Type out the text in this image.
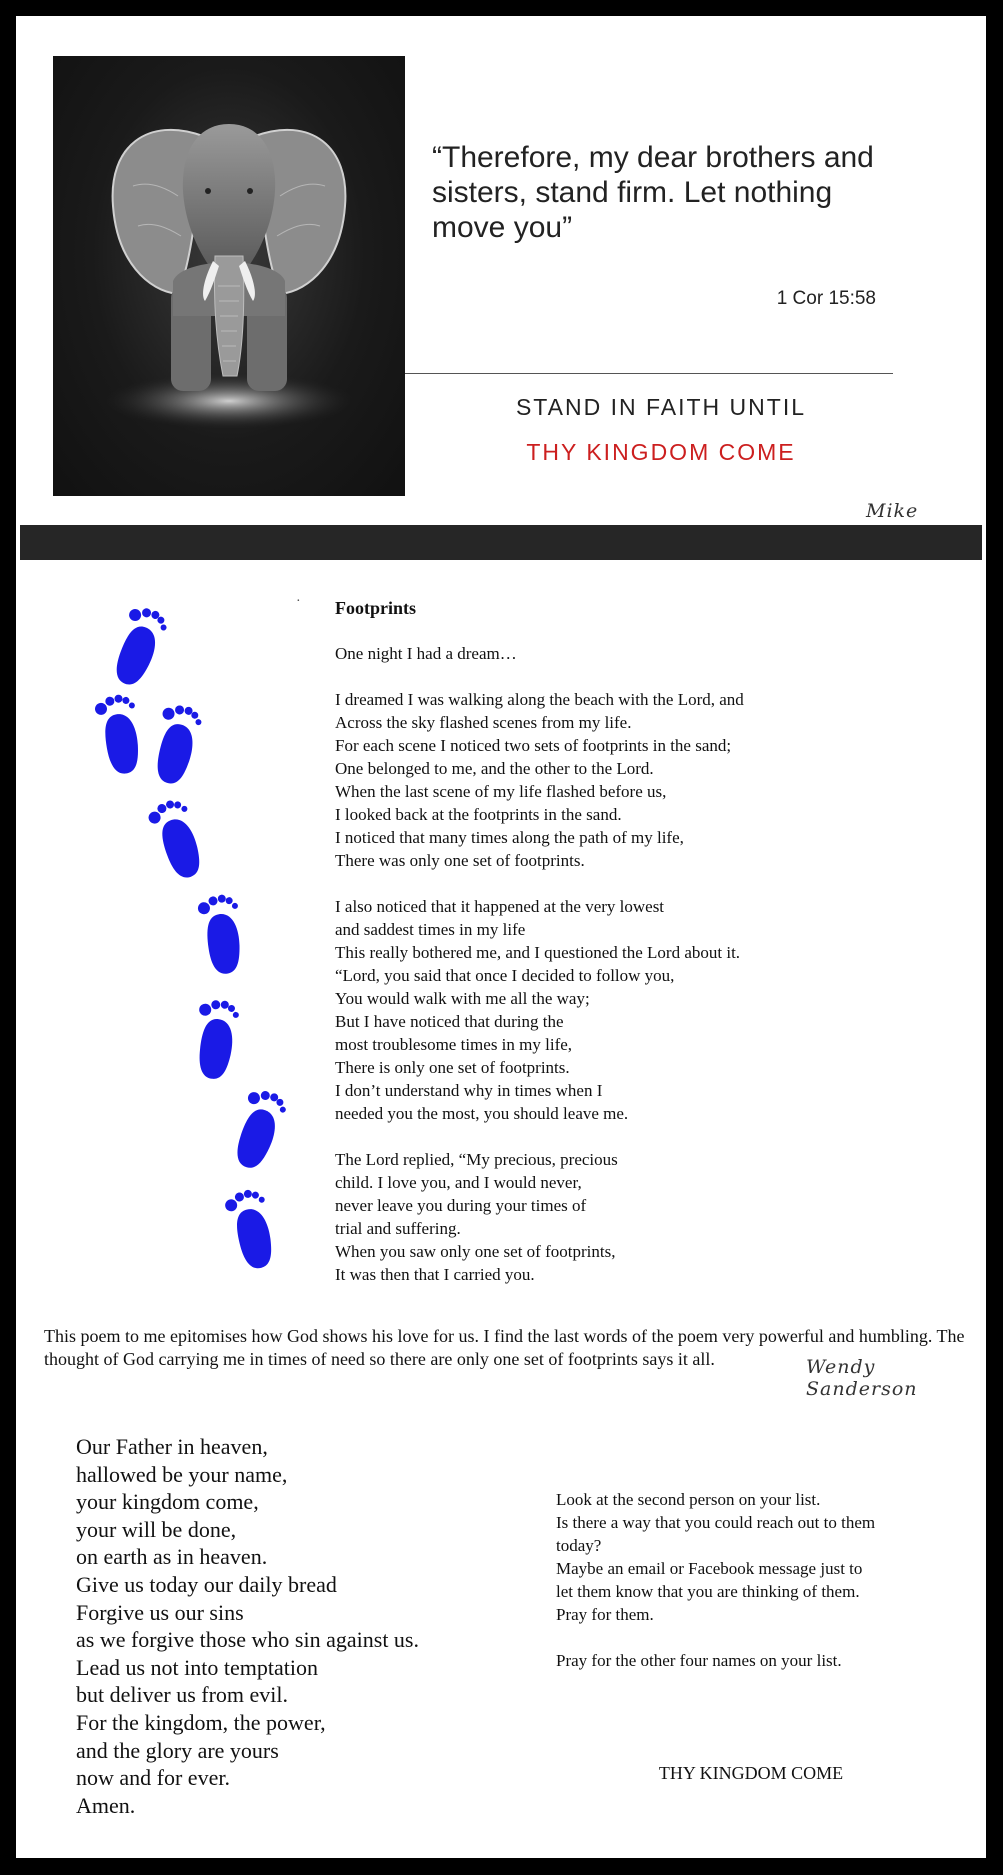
“Therefore, my dear brothers and sisters, stand firm. Let nothing move you”
1 Cor 15:58
STAND IN FAITH UNTIL
THY KINGDOM COME
Mike
· Footprints

One night I had a dream…

I dreamed I was walking along the beach with the Lord, and
Across the sky flashed scenes from my life.
For each scene I noticed two sets of footprints in the sand;
One belonged to me, and the other to the Lord.
When the last scene of my life flashed before us,
I looked back at the footprints in the sand.
I noticed that many times along the path of my life,
There was only one set of footprints.

I also noticed that it happened at the very lowest
and saddest times in my life
This really bothered me, and I questioned the Lord about it.
“Lord, you said that once I decided to follow you,
You would walk with me all the way;
But I have noticed that during the
most troublesome times in my life,
There is only one set of footprints.
I don’t understand why in times when I
needed you the most, you should leave me.

The Lord replied, “My precious, precious
child. I love you, and I would never,
never leave you during your times of
trial and suffering.
When you saw only one set of footprints,
It was then that I carried you.

This poem to me epitomises how God shows his love for us. I find the last words of the poem very powerful and humbling. The thought of God carrying me in times of need so there are only one set of footprints says it all.	Wendy Sanderson
Our Father in heaven,
hallowed be your name,
your kingdom come,
your will be done,
on earth as in heaven.
Give us today our daily bread
Forgive us our sins
as we forgive those who sin against us.
Lead us not into temptation
but deliver us from evil.
For the kingdom, the power,
and the glory are yours
now and for ever.
Amen.
Look at the second person on your list.
Is there a way that you could reach out to them
today?
Maybe an email or Facebook message just to
let them know that you are thinking of them.
Pray for them.
Pray for the other four names on your list.
THY KINGDOM COME
